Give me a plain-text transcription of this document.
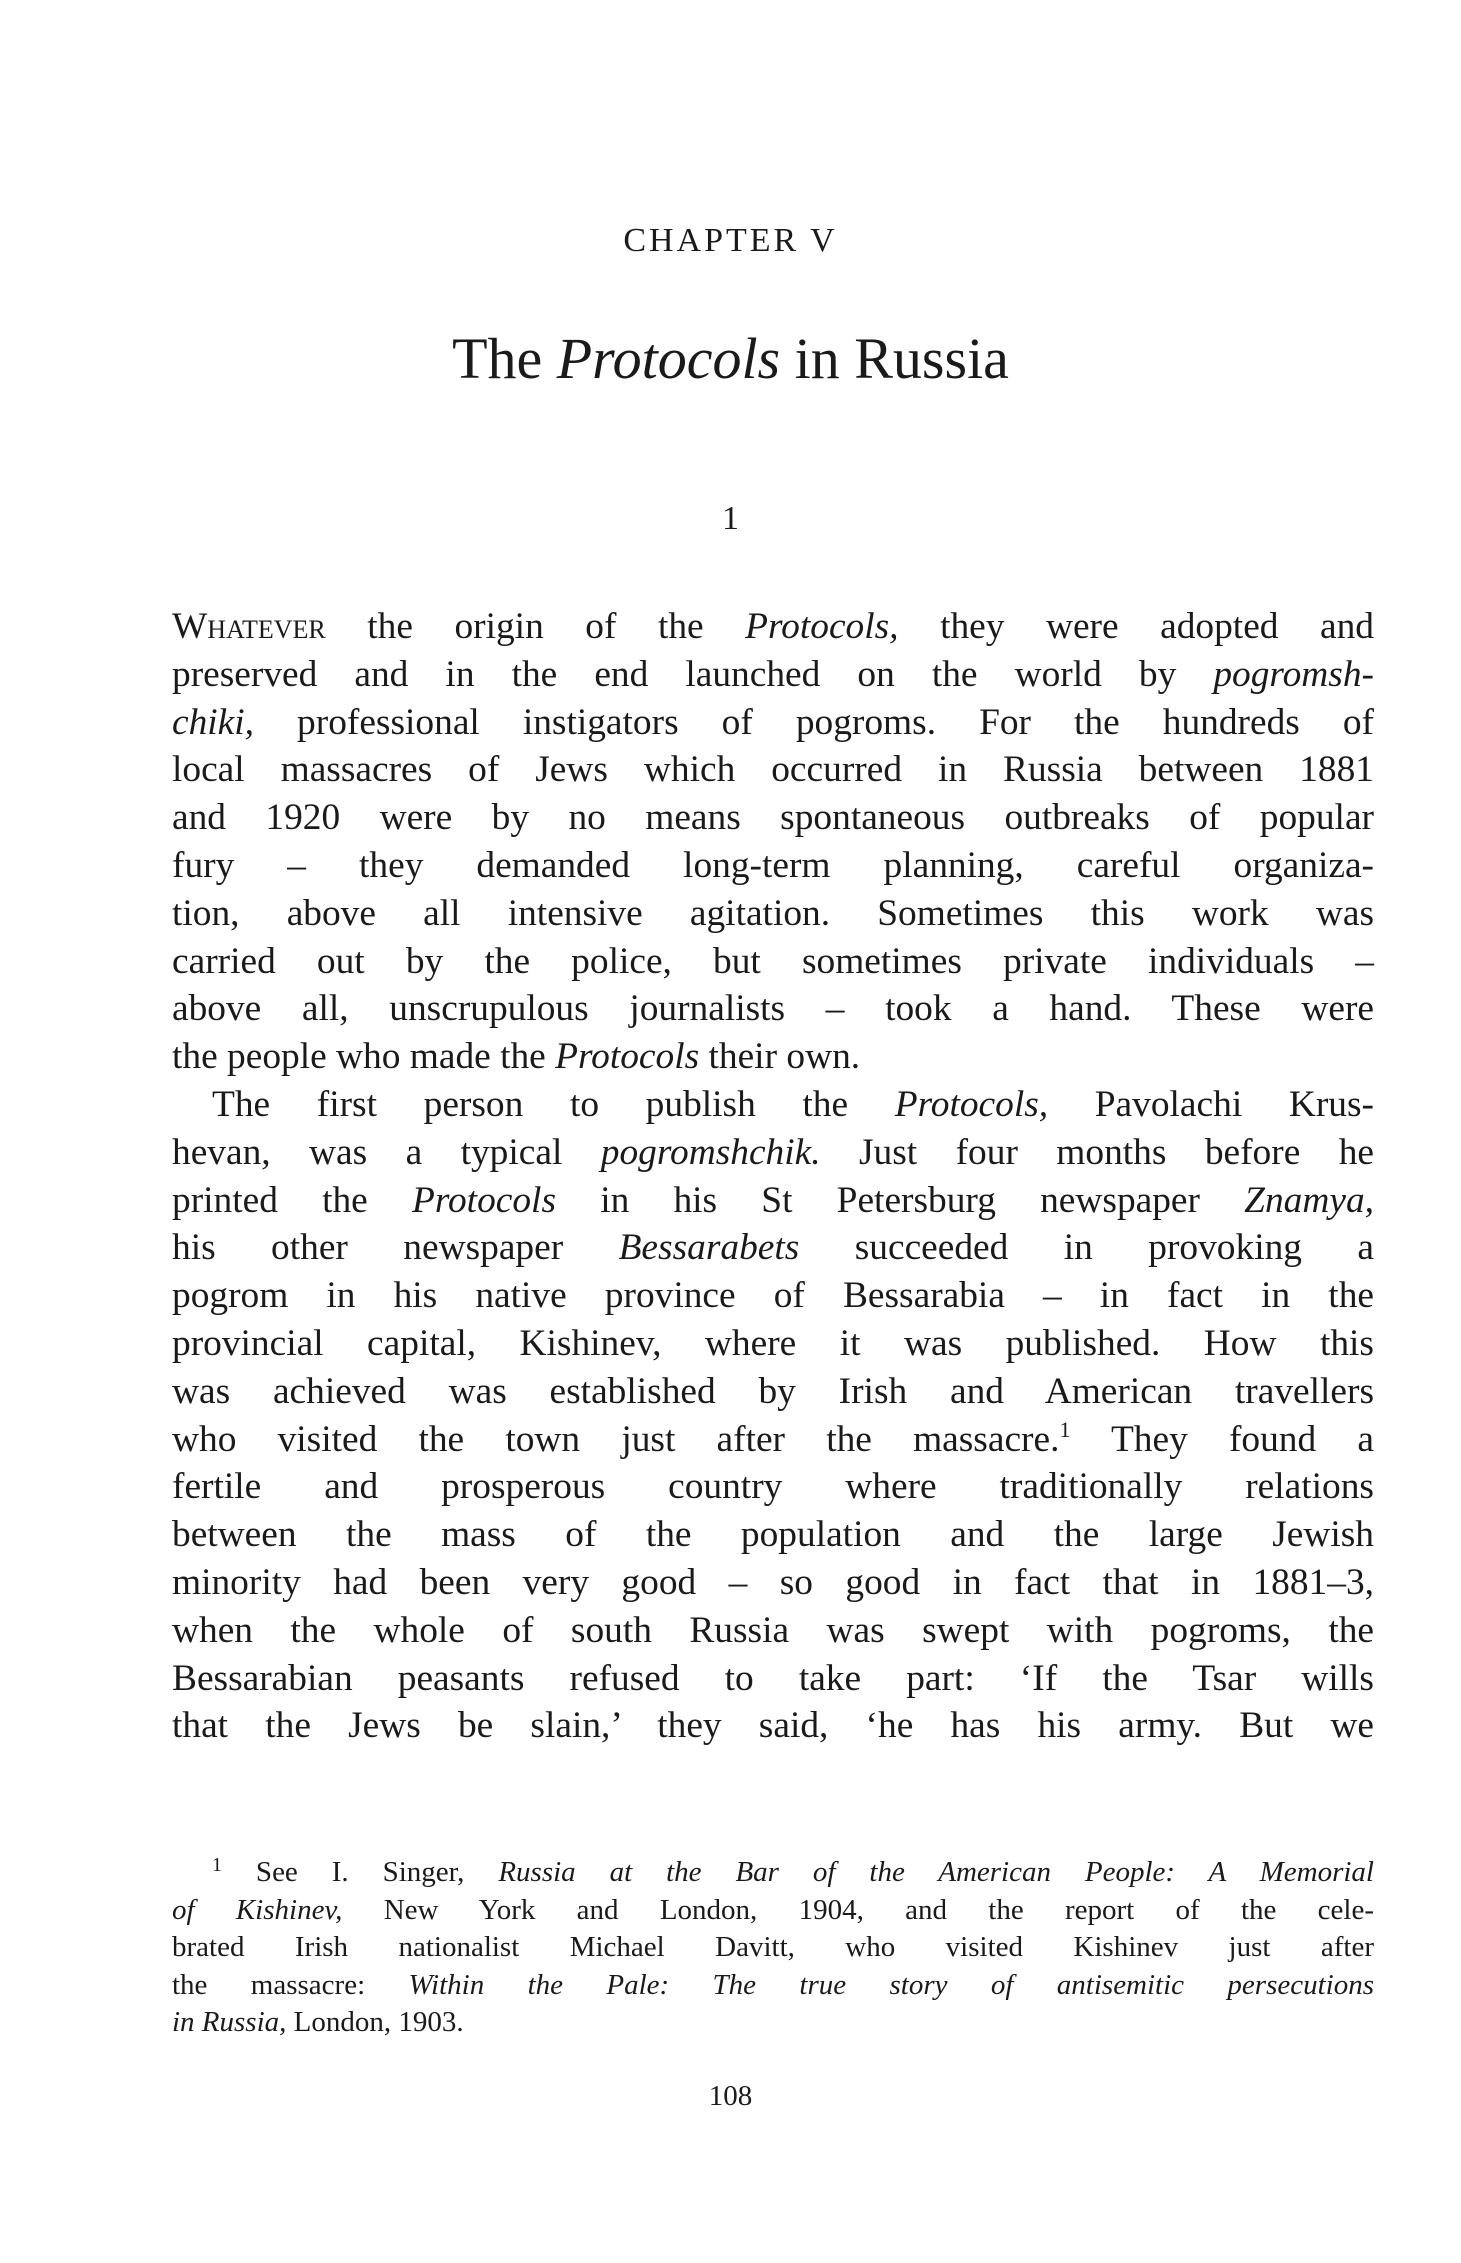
CHAPTER V
The Protocols in Russia
1
Whatever the origin of the Protocols, they were adopted and
preserved and in the end launched on the world by pogromsh-
chiki, professional instigators of pogroms. For the hundreds of
local massacres of Jews which occurred in Russia between 1881
and 1920 were by no means spontaneous outbreaks of popular
fury – they demanded long-term planning, careful organiza-
tion, above all intensive agitation. Sometimes this work was
carried out by the police, but sometimes private individuals –
above all, unscrupulous journalists – took a hand. These were
the people who made the Protocols their own.
The first person to publish the Protocols, Pavolachi Krus-
hevan, was a typical pogromshchik. Just four months before he
printed the Protocols in his St Petersburg newspaper Znamya,
his other newspaper Bessarabets succeeded in provoking a
pogrom in his native province of Bessarabia – in fact in the
provincial capital, Kishinev, where it was published. How this
was achieved was established by Irish and American travellers
who visited the town just after the massacre.$^1$ They found a
fertile and prosperous country where traditionally relations
between the mass of the population and the large Jewish
minority had been very good – so good in fact that in 1881–3,
when the whole of south Russia was swept with pogroms, the
Bessarabian peasants refused to take part: ‘If the Tsar wills
that the Jews be slain,’ they said, ‘he has his army. But we
$^1$ See I. Singer, Russia at the Bar of the American People: A Memorial
of Kishinev, New York and London, 1904, and the report of the cele-
brated Irish nationalist Michael Davitt, who visited Kishinev just after
the massacre: Within the Pale: The true story of antisemitic persecutions
in Russia, London, 1903.
108
